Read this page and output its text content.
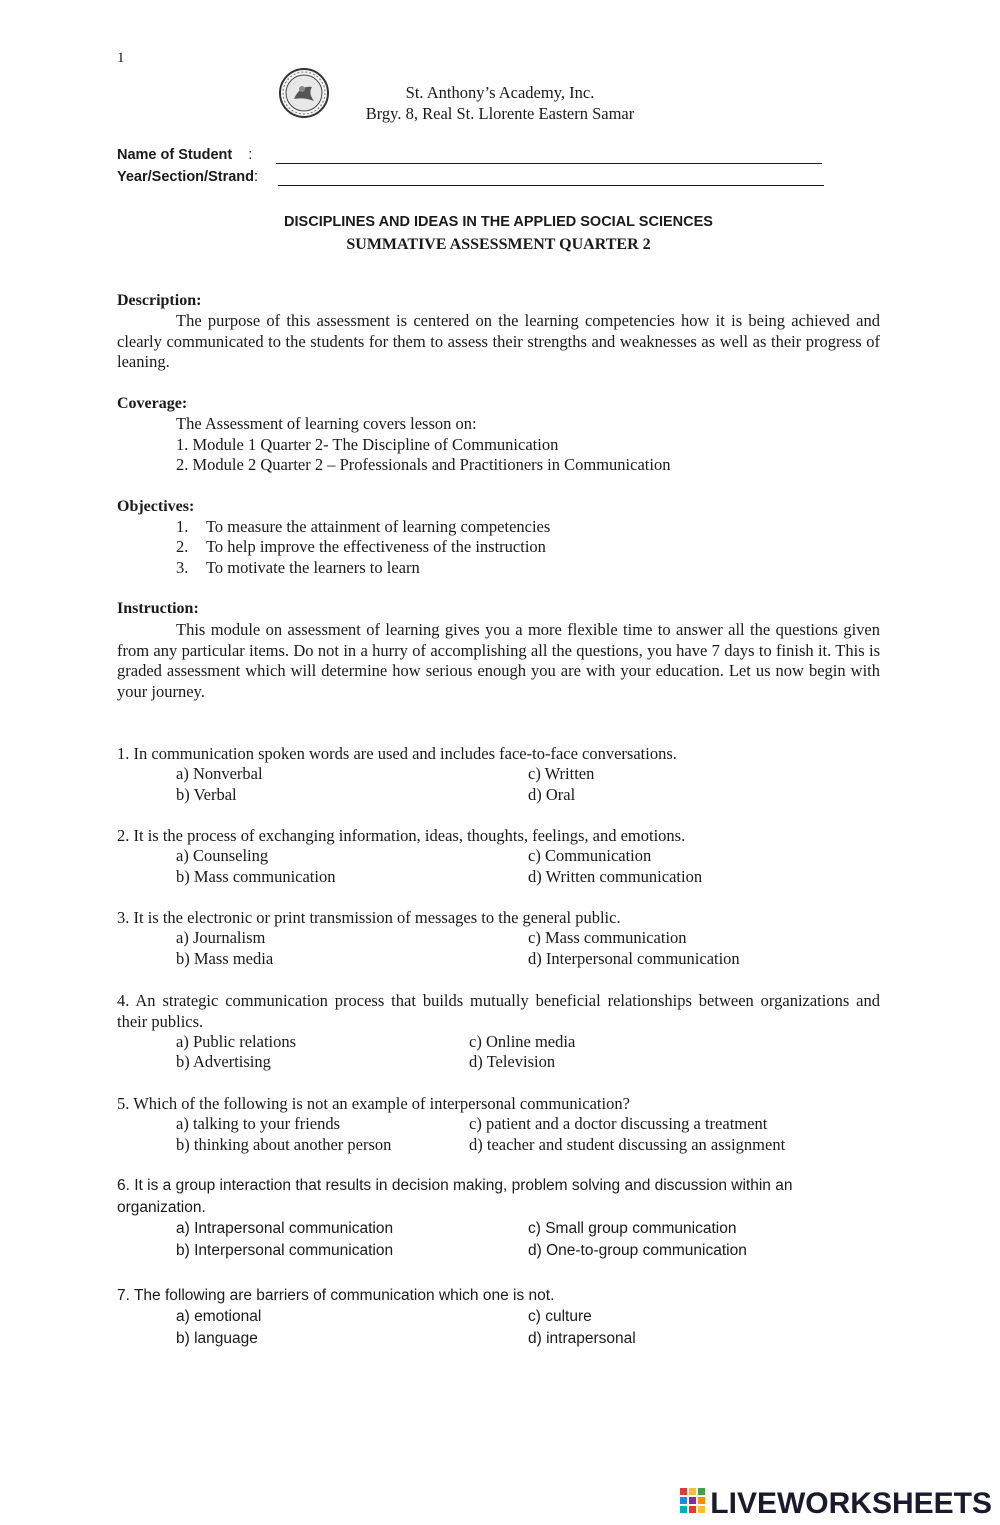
1
St. Anthony’s Academy, Inc.
Brgy. 8, Real St. Llorente Eastern Samar
Name of Student :
Year/Section/Strand:
DISCIPLINES AND IDEAS IN THE APPLIED SOCIAL SCIENCES
SUMMATIVE ASSESSMENT QUARTER 2
Description:
The purpose of this assessment is centered on the learning competencies how it is being achieved and clearly communicated to the students for them to assess their strengths and weaknesses as well as their progress of leaning.
Coverage:
The Assessment of learning covers lesson on:
1. Module 1 Quarter 2- The Discipline of Communication
2. Module 2 Quarter 2 – Professionals and Practitioners in Communication
Objectives:
1. To measure the attainment of learning competencies
2. To help improve the effectiveness of the instruction
3. To motivate the learners to learn
Instruction:
This module on assessment of learning gives you a more flexible time to answer all the questions given from any particular items. Do not in a hurry of accomplishing all the questions, you have 7 days to finish it. This is graded assessment which will determine how serious enough you are with your education. Let us now begin with your journey.
1. In communication spoken words are used and includes face-to-face conversations.
a) Nonverbal	c) Written
b) Verbal	d) Oral
2. It is the process of exchanging information, ideas, thoughts, feelings, and emotions.
a) Counseling	c) Communication
b) Mass communication	d) Written communication
3. It is the electronic or print transmission of messages to the general public.
a) Journalism	c) Mass communication
b) Mass media	d) Interpersonal communication
4. An strategic communication process that builds mutually beneficial relationships between organizations and their publics.
a) Public relations	c) Online media
b) Advertising	d) Television
5. Which of the following is not an example of interpersonal communication?
a) talking to your friends	c) patient and a doctor discussing a treatment
b) thinking about another person	d) teacher and student discussing an assignment
6. It is a group interaction that results in decision making, problem solving and discussion within an organization.
a) Intrapersonal communication	c) Small group communication
b) Interpersonal communication	d) One-to-group communication
7. The following are barriers of communication which one is not.
a) emotional	c) culture
b) language	d) intrapersonal
LIVEWORKSHEETS
